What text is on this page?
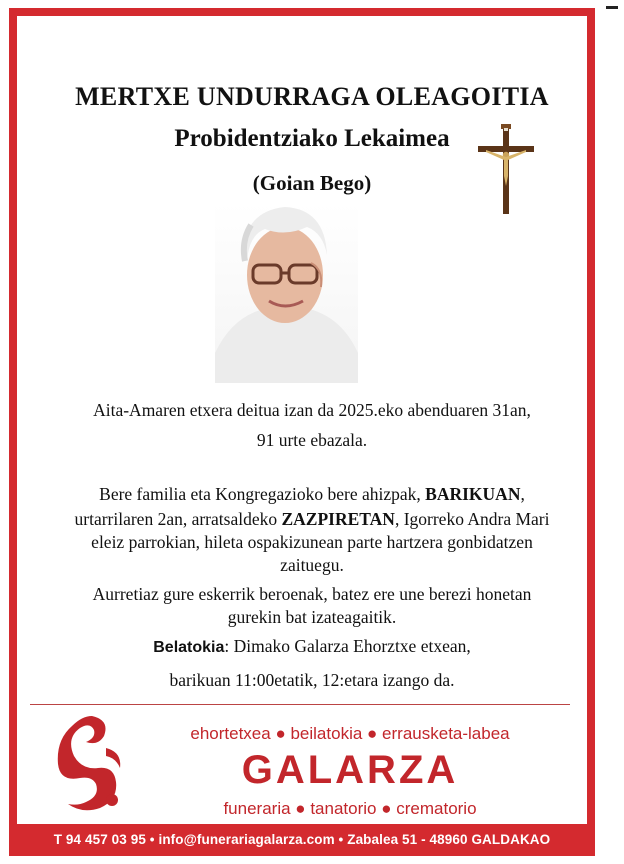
MERTXE UNDURRAGA OLEAGOITIA
Probidentziako Lekaimea
(Goian Bego)
Aita-Amaren etxera deitua izan da 2025.eko abenduaren 31an,
91 urte ebazala.
Bere familia eta Kongregazioko bere ahizpak, BARIKUAN,
urtarrilaren 2an, arratsaldeko ZAZPIRETAN, Igorreko Andra Mari
eleiz parrokian, hileta ospakizunean parte hartzera gonbidatzen
zaituegu.
Aurretiaz gure eskerrik beroenak, batez ere une berezi honetan
gurekin bat izateagaitik.
Belatokia: Dimako Galarza Ehorztxe etxean,
barikuan 11:00etatik, 12:etara izango da.
ehortetxea ● beilatokia ● errausketa-labea
GALARZA
funeraria ● tanatorio ● crematorio
T 94 457 03 95 • info@funerariagalarza.com • Zabalea 51 - 48960 GALDAKAO
